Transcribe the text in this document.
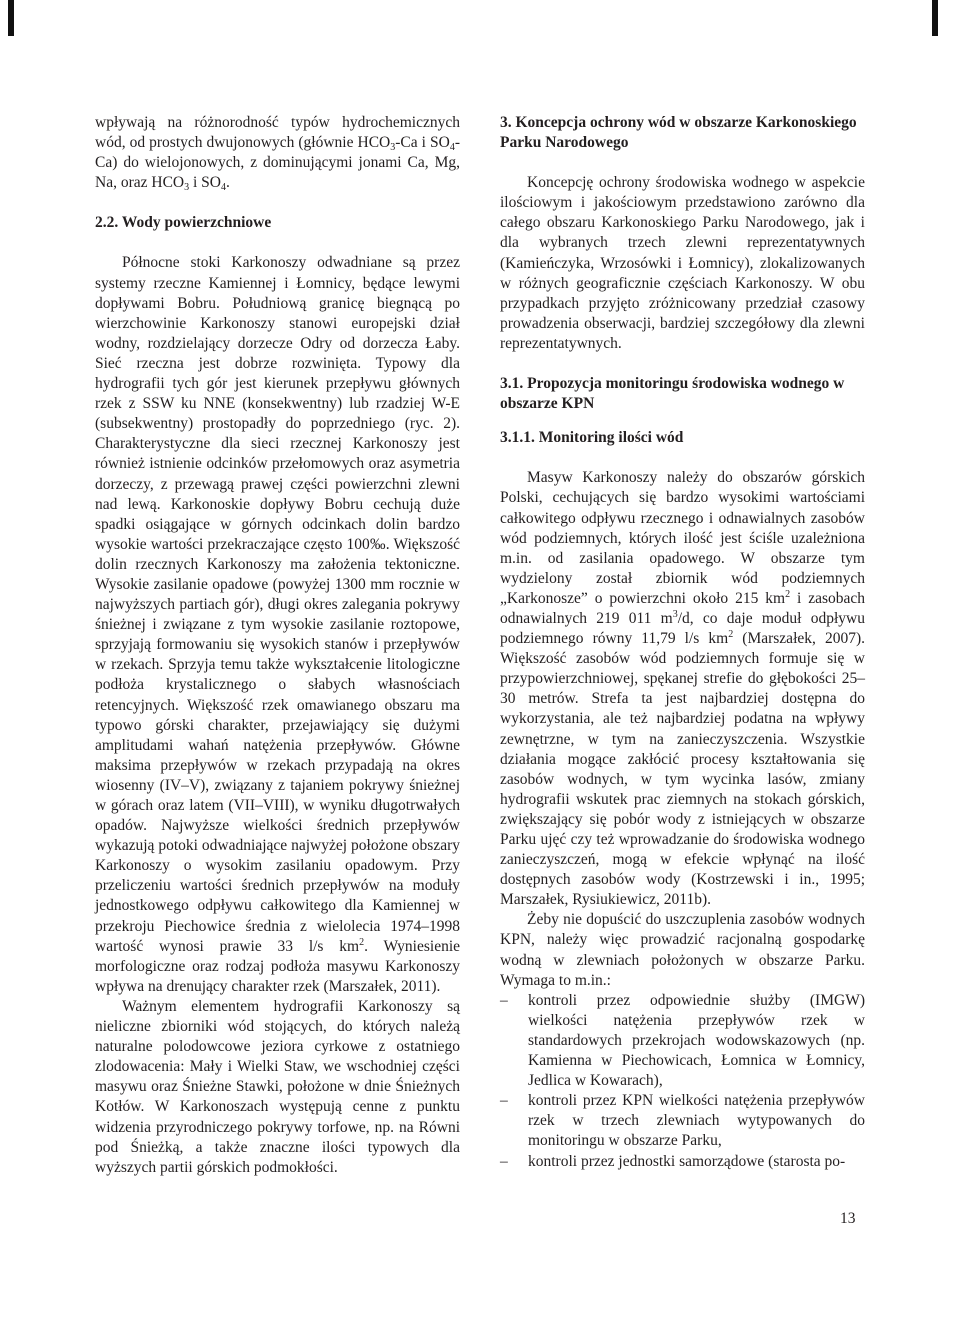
wpływają na różnorodność typów hydrochemicznych wód, od prostych dwujonowych (głównie $HCO_3-Ca$ i $SO_4-Ca$) do wielojonowych, z dominującymi jonami Ca, Mg, Na, oraz $HCO_3$ i $SO_4$.

2.2. Wody powierzchniowe

Północne stoki Karkonoszy odwadniane są przez systemy rzeczne Kamiennej i Łomnicy, będące lewymi dopływami Bobru. Południową granicę biegnącą po wierzchowinie Karkonoszy stanowi europejski dział wodny, rozdzielający dorzecze Odry od dorzecza Łaby. Sieć rzeczna jest dobrze rozwinięta. Typowy dla hydrografii tych gór jest kierunek przepływu głównych rzek z SSW ku NNE (konsekwentny) lub rzadziej W-E (subsekwentny) prostopadły do poprzedniego (ryc. 2). Charakterystyczne dla sieci rzecznej Karkonoszy jest również istnienie odcinków przełomowych oraz asymetria dorzeczy, z przewagą prawej części powierzchni zlewni nad lewą. Karkonoskie dopływy Bobru cechują duże spadki osiągające w górnych odcinkach dolin bardzo wysokie wartości przekraczające często 100‰. Większość dolin rzecznych Karkonoszy ma założenia tektoniczne. Wysokie zasilanie opadowe (powyżej 1300 mm rocznie w najwyższych partiach gór), długi okres zalegania pokrywy śnieżnej i związane z tym wysokie zasilanie roztopowe, sprzyjają formowaniu się wysokich stanów i przepływów w rzekach. Sprzyja temu także wykształcenie litologiczne podłoża krystalicznego o słabych własnościach retencyjnych. Większość rzek omawianego obszaru ma typowo górski charakter, przejawiający się dużymi amplitudami wahań natężenia przepływów. Główne maksima przepływów w rzekach przypadają na okres wiosenny (IV–V), związany z tajaniem pokrywy śnieżnej w górach oraz latem (VII–VIII), w wyniku długotrwałych opadów. Najwyższe wielkości średnich przepływów wykazują potoki odwadniające najwyżej położone obszary Karkonoszy o wysokim zasilaniu opadowym. Przy przeliczeniu wartości średnich przepływów na moduły jednostkowego odpływu całkowitego dla Kamiennej w przekroju Piechowice średnia z wielolecia 1974–1998 wartość wynosi prawie 33 l/s $km^2$. Wyniesienie morfologiczne oraz rodzaj podłoża masywu Karkonoszy wpływa na drenujący charakter rzek (Marszałek, 2011).

Ważnym elementem hydrografii Karkonoszy są nieliczne zbiorniki wód stojących, do których należą naturalne polodowcowe jeziora cyrkowe z ostatniego zlodowacenia: Mały i Wielki Staw, we wschodniej części masywu oraz Śnieżne Stawki, położone w dnie Śnieżnych Kotłów. W Karkonoszach występują cenne z punktu widzenia przyrodniczego pokrywy torfowe, np. na Równi pod Śnieżką, a także znaczne ilości typowych dla wyższych partii górskich podmokłości.

3. Koncepcja ochrony wód w obszarze Karkonoskiego Parku Narodowego

Koncepcję ochrony środowiska wodnego w aspekcie ilościowym i jakościowym przedstawiono zarówno dla całego obszaru Karkonoskiego Parku Narodowego, jak i dla wybranych trzech zlewni reprezentatywnych (Kamieńczyka, Wrzosówki i Łomnicy), zlokalizowanych w różnych geograficznie częściach Karkonoszy. W obu przypadkach przyjęto zróżnicowany przedział czasowy prowadzenia obserwacji, bardziej szczegółowy dla zlewni reprezentatywnych.

3.1. Propozycja monitoringu środowiska wodnego w obszarze KPN
3.1.1. Monitoring ilości wód

Masyw Karkonoszy należy do obszarów górskich Polski, cechujących się bardzo wysokimi wartościami całkowitego odpływu rzecznego i odnawialnych zasobów wód podziemnych, których ilość jest ściśle uzależniona m.in. od zasilania opadowego. W obszarze tym wydzielony został zbiornik wód podziemnych „Karkonosze” o powierzchni około 215 $km^2$ i zasobach odnawialnych 219 011 $m^3/d$, co daje moduł odpływu podziemnego równy 11,79 l/s $km^2$ (Marszałek, 2007). Większość zasobów wód podziemnych formuje się w przypowierzchniowej, spękanej strefie do głębokości 25–30 metrów. Strefa ta jest najbardziej dostępna do wykorzystania, ale też najbardziej podatna na wpływy zewnętrzne, w tym na zanieczyszczenia. Wszystkie działania mogące zakłócić procesy kształtowania się zasobów wodnych, w tym wycinka lasów, zmiany hydrografii wskutek prac ziemnych na stokach górskich, zwiększający się pobór wody z istniejących w obszarze Parku ujęć czy też wprowadzanie do środowiska wodnego zanieczyszczeń, mogą w efekcie wpłynąć na ilość dostępnych zasobów wody (Kostrzewski i in., 1995; Marszałek, Rysiukiewicz, 2011b).

Żeby nie dopuścić do uszczuplenia zasobów wodnych KPN, należy więc prowadzić racjonalną gospodarkę wodną w zlewniach położonych w obszarze Parku. Wymaga to m.in.:

– kontroli przez odpowiednie służby (IMGW) wielkości natężenia przepływów rzek w standardowych przekrojach wodowskazowych (np. Kamienna w Piechowicach, Łomnica w Łomnicy, Jedlica w Kowarach),
– kontroli przez KPN wielkości natężenia przepływów rzek w trzech zlewniach wytypowanych do monitoringu w obszarze Parku,
– kontroli przez jednostki samorządowe (starosta po-
13
